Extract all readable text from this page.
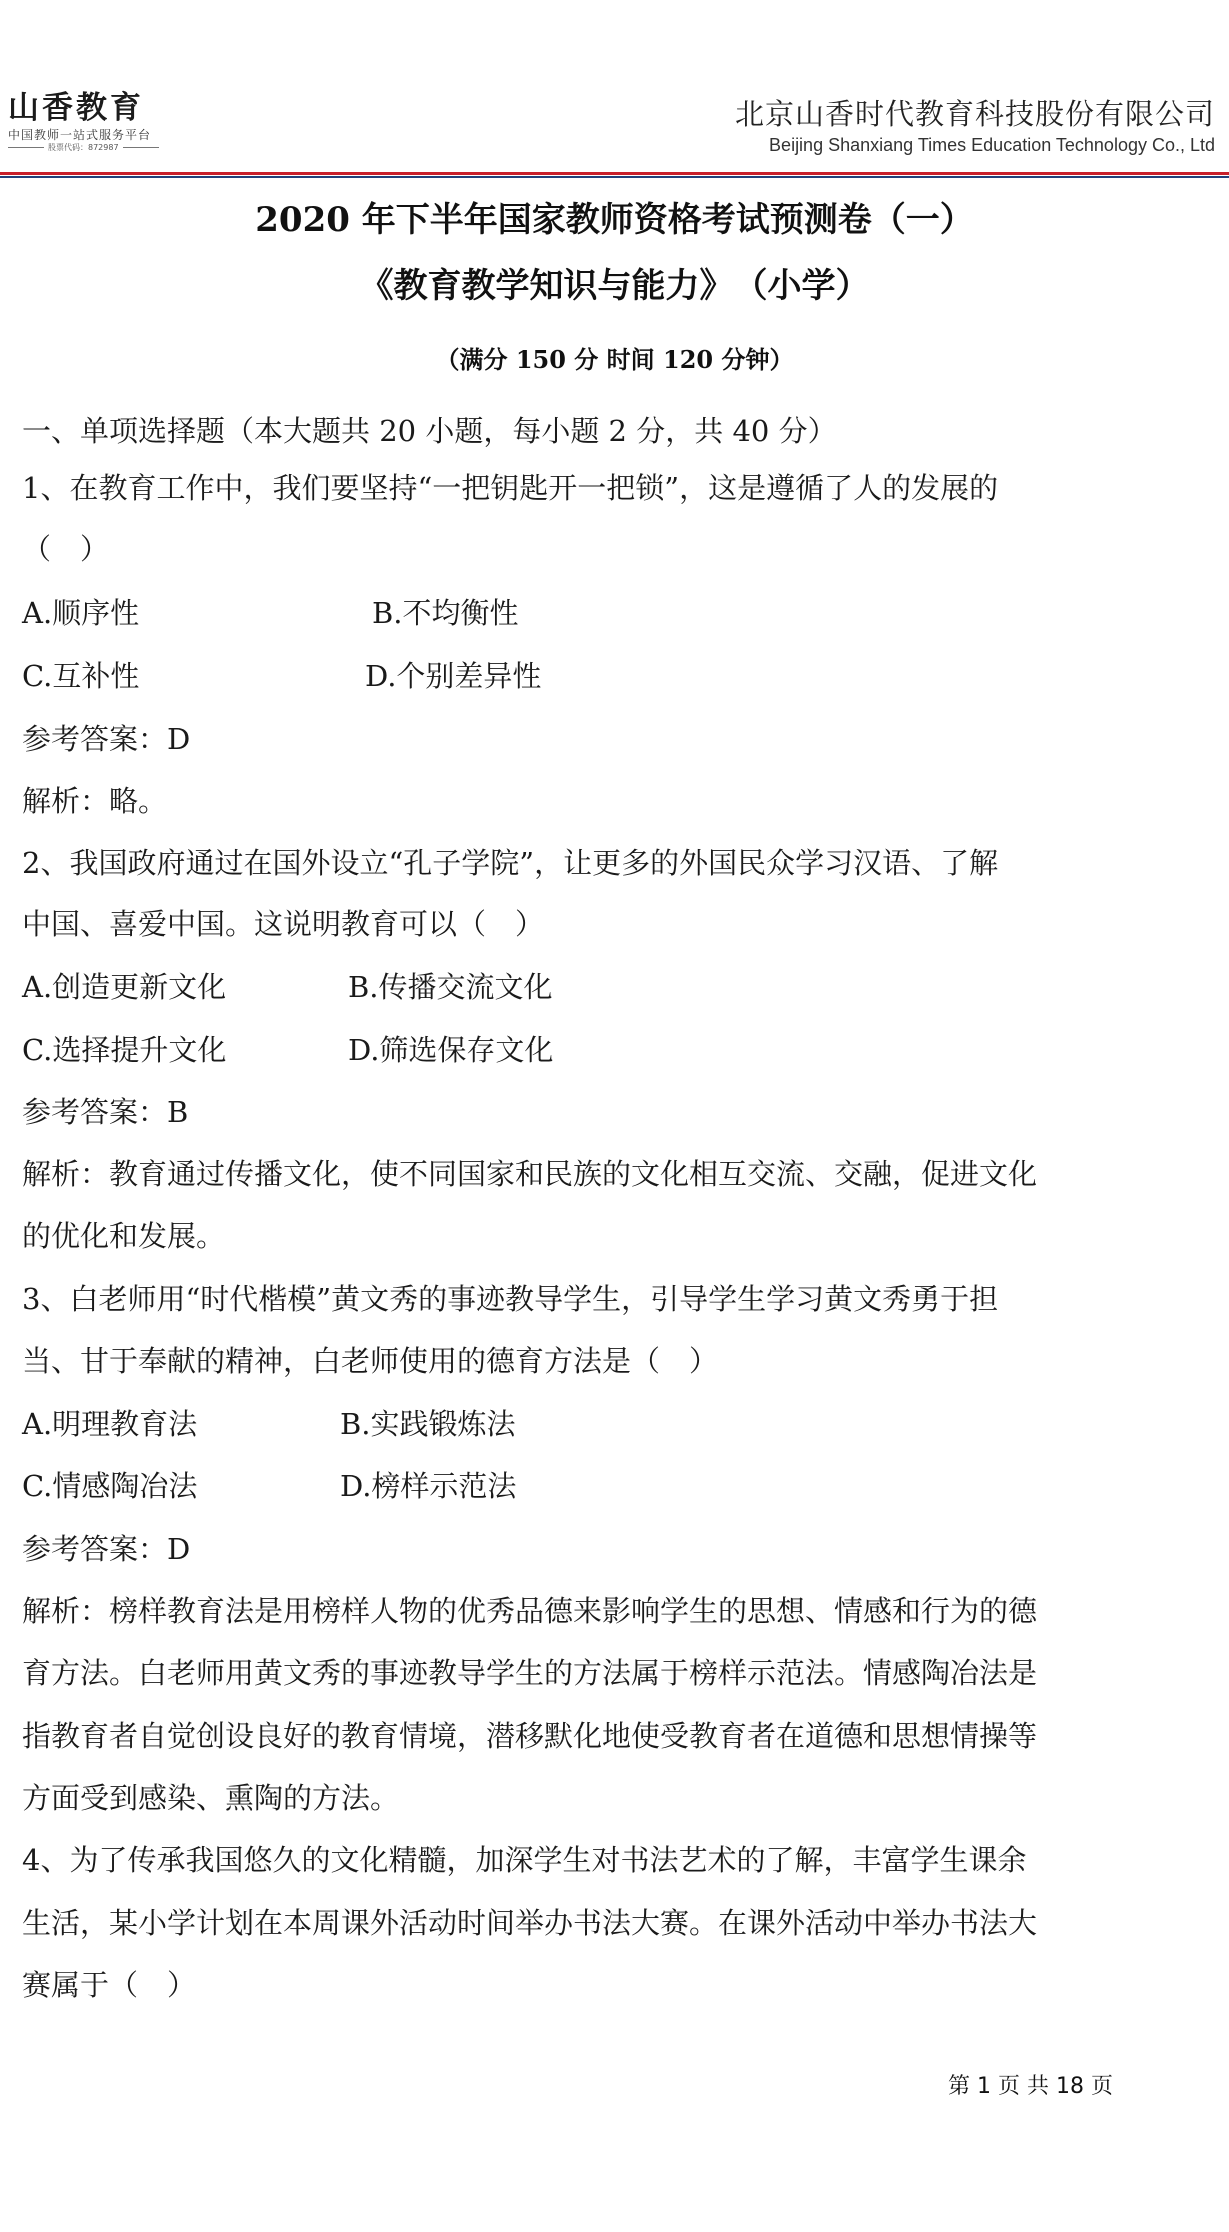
山香教育
中国教师一站式服务平台
股票代码：872987
北京山香时代教育科技股份有限公司
Beijing Shanxiang Times Education Technology Co., Ltd
2020 年下半年国家教师资格考试预测卷（一）
《教育教学知识与能力》　（小学）
（满分 150 分 时间 120 分钟）
一、单项选择题（本大题共 20 小题，每小题 2 分，共 40 分）
1、在教育工作中，我们要坚持“一把钥匙开一把锁”，这是遵循了人的发展的
（　）
A.顺序性	B.不均衡性
C.互补性	D.个别差异性
参考答案：D
解析：略。
2、我国政府通过在国外设立“孔子学院”，让更多的外国民众学习汉语、了解
中国、喜爱中国。这说明教育可以（　）
A.创造更新文化	B.传播交流文化
C.选择提升文化	D.筛选保存文化
参考答案：B
解析：教育通过传播文化，使不同国家和民族的文化相互交流、交融，促进文化
的优化和发展。
3、白老师用“时代楷模”黄文秀的事迹教导学生，引导学生学习黄文秀勇于担
当、甘于奉献的精神，白老师使用的德育方法是（　）
A.明理教育法	B.实践锻炼法
C.情感陶冶法	D.榜样示范法
参考答案：D
解析：榜样教育法是用榜样人物的优秀品德来影响学生的思想、情感和行为的德
育方法。白老师用黄文秀的事迹教导学生的方法属于榜样示范法。情感陶冶法是
指教育者自觉创设良好的教育情境，潜移默化地使受教育者在道德和思想情操等
方面受到感染、熏陶的方法。
4、为了传承我国悠久的文化精髓，加深学生对书法艺术的了解，丰富学生课余
生活，某小学计划在本周课外活动时间举办书法大赛。在课外活动中举办书法大
赛属于（　）
第 1 页 共 18 页
